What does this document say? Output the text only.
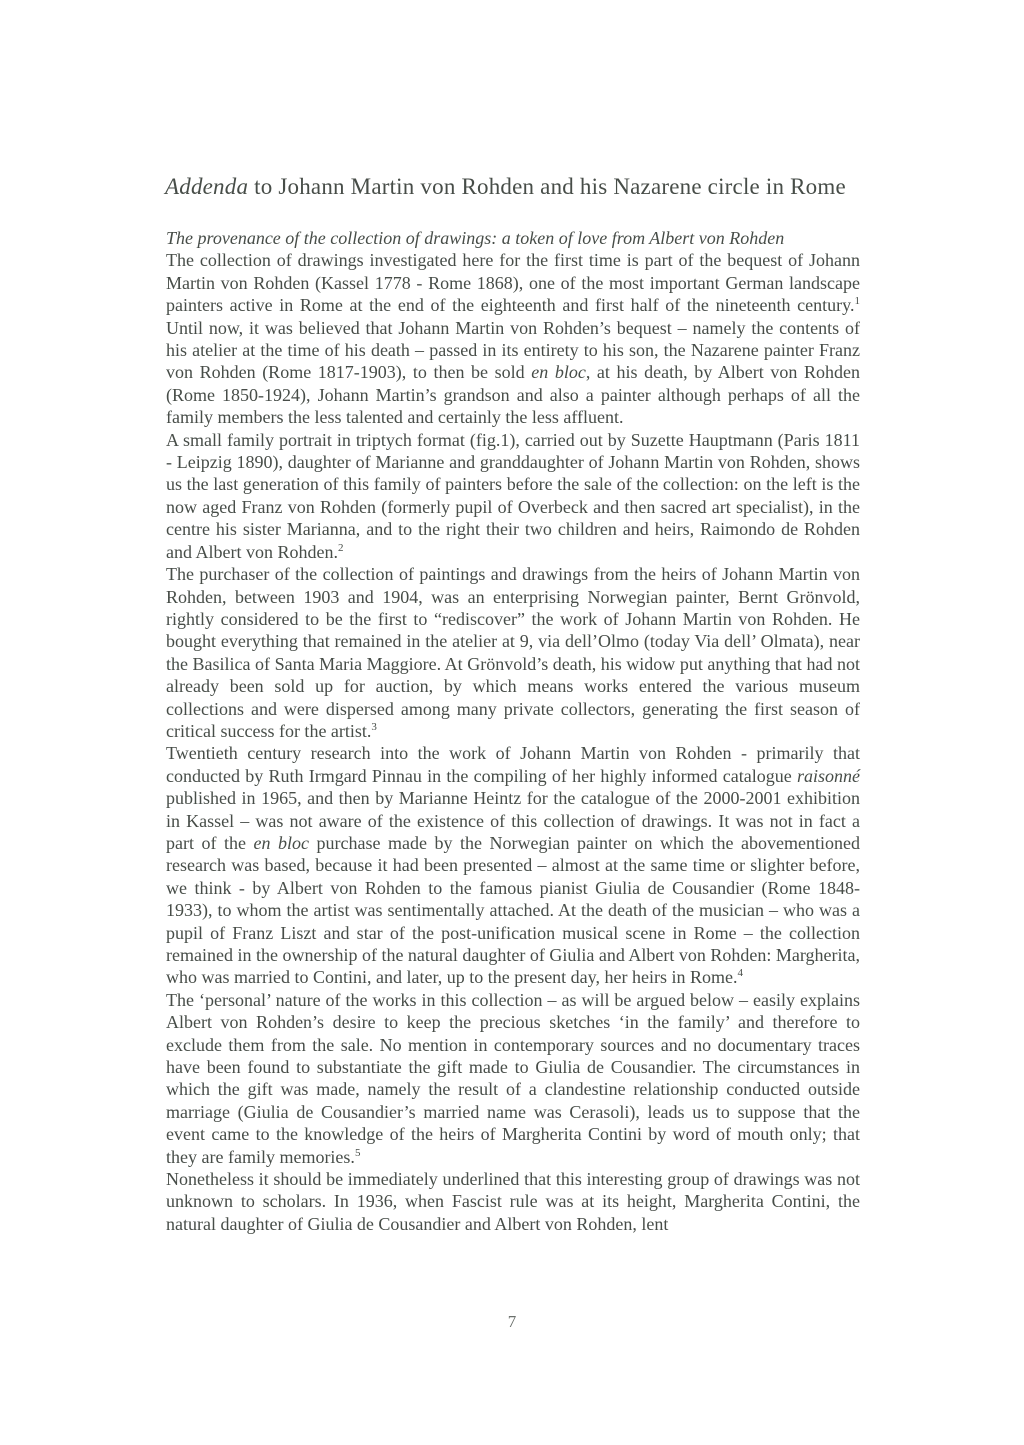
Addenda to Johann Martin von Rohden and his Nazarene circle in Rome

The provenance of the collection of drawings: a token of love from Albert von Rohden

The collection of drawings investigated here for the first time is part of the bequest of Johann Martin von Rohden (Kassel 1778 - Rome 1868), one of the most important German landscape painters active in Rome at the end of the eighteenth and first half of the nineteenth century.$^1$ Until now, it was believed that Johann Martin von Rohden’s bequest – namely the contents of his atelier at the time of his death – passed in its entirety to his son, the Nazarene painter Franz von Rohden (Rome 1817-1903), to then be sold en bloc, at his death, by Albert von Rohden (Rome 1850-1924), Johann Martin’s grandson and also a painter although perhaps of all the family members the less talented and certainly the less affluent.

A small family portrait in triptych format (fig.1), carried out by Suzette Hauptmann (Paris 1811 - Leipzig 1890), daughter of Marianne and granddaughter of Johann Martin von Rohden, shows us the last generation of this family of painters before the sale of the collection: on the left is the now aged Franz von Rohden (formerly pupil of Overbeck and then sacred art specialist), in the centre his sister Marianna, and to the right their two children and heirs, Raimondo de Rohden and Albert von Rohden.$^2$

The purchaser of the collection of paintings and drawings from the heirs of Johann Martin von Rohden, between 1903 and 1904, was an enterprising Norwegian painter, Bernt Grönvold, rightly considered to be the first to “rediscover” the work of Johann Martin von Rohden. He bought everything that remained in the atelier at 9, via dell’Olmo (today Via dell’ Olmata), near the Basilica of Santa Maria Maggiore. At Grönvold’s death, his widow put anything that had not already been sold up for auction, by which means works entered the various museum collections and were dispersed among many private collectors, generating the first season of critical success for the artist.$^3$

Twentieth century research into the work of Johann Martin von Rohden - primarily that conducted by Ruth Irmgard Pinnau in the compiling of her highly informed catalogue raisonné published in 1965, and then by Marianne Heintz for the catalogue of the 2000-2001 exhibition in Kassel – was not aware of the existence of this collection of drawings. It was not in fact a part of the en bloc purchase made by the Norwegian painter on which the abovementioned research was based, because it had been presented – almost at the same time or slighter before, we think - by Albert von Rohden to the famous pianist Giulia de Cousandier (Rome 1848-1933), to whom the artist was sentimentally attached. At the death of the musician – who was a pupil of Franz Liszt and star of the post-unification musical scene in Rome – the collection remained in the ownership of the natural daughter of Giulia and Albert von Rohden: Margherita, who was married to Contini, and later, up to the present day, her heirs in Rome.$^4$

The ‘personal’ nature of the works in this collection – as will be argued below – easily explains Albert von Rohden’s desire to keep the precious sketches ‘in the family’ and therefore to exclude them from the sale. No mention in contemporary sources and no documentary traces have been found to substantiate the gift made to Giulia de Cousandier. The circumstances in which the gift was made, namely the result of a clandestine relationship conducted outside marriage (Giulia de Cousandier’s married name was Cerasoli), leads us to suppose that the event came to the knowledge of the heirs of Margherita Contini by word of mouth only; that they are family memories.$^5$

Nonetheless it should be immediately underlined that this interesting group of drawings was not unknown to scholars. In 1936, when Fascist rule was at its height, Margherita Contini, the natural daughter of Giulia de Cousandier and Albert von Rohden, lent

7
